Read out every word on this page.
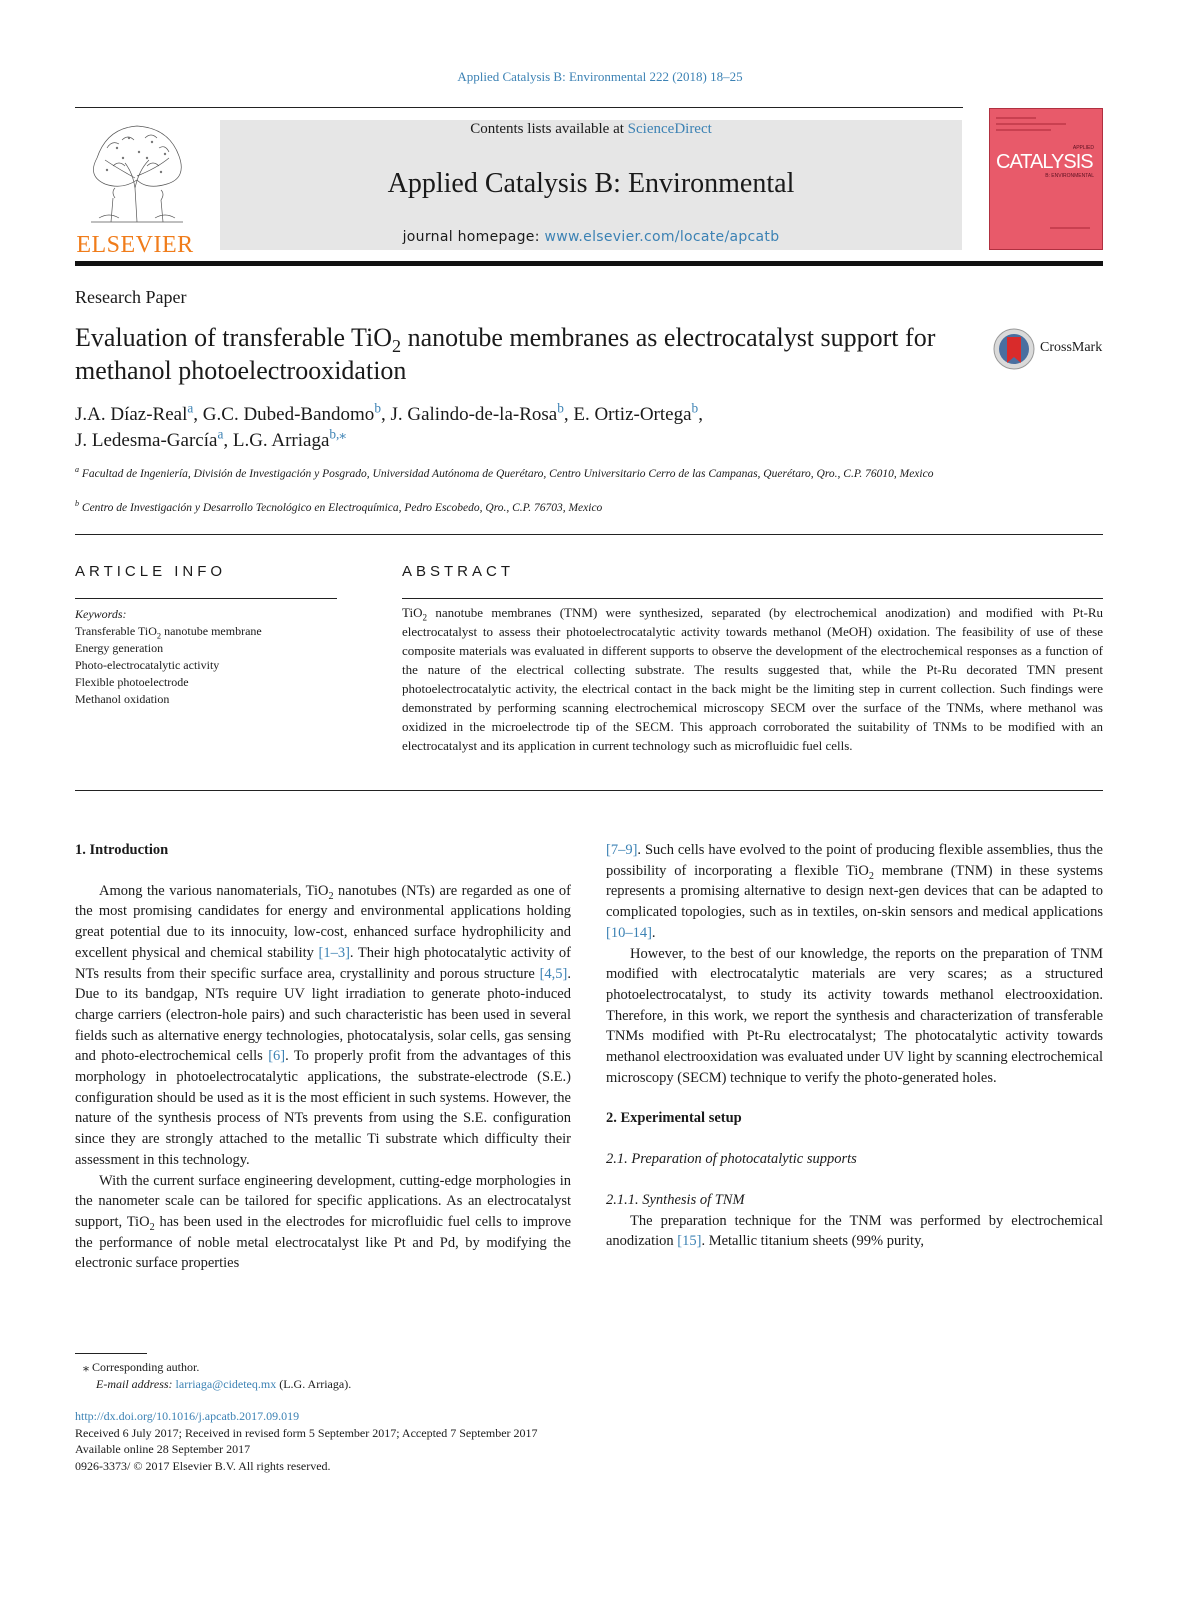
Applied Catalysis B: Environmental 222 (2018) 18–25
ELSEVIER
Contents lists available at ScienceDirect
Applied Catalysis B: Environmental
journal homepage: www.elsevier.com/locate/apcatb
APPLIED
CATALYSIS
B: ENVIRONMENTAL
Research Paper
Evaluation of transferable TiO$_2$ nanotube membranes as electrocatalyst support for methanol photoelectrooxidation
CrossMark
J.A. Díaz-Real$^a$, G.C. Dubed-Bandomo$^b$, J. Galindo-de-la-Rosa$^b$, E. Ortiz-Ortega$^b$,
J. Ledesma-García$^a$, L.G. Arriaga$^{b,⁎}$
$^a$ Facultad de Ingeniería, División de Investigación y Posgrado, Universidad Autónoma de Querétaro, Centro Universitario Cerro de las Campanas, Querétaro, Qro., C.P. 76010, Mexico
$^b$ Centro de Investigación y Desarrollo Tecnológico en Electroquímica, Pedro Escobedo, Qro., C.P. 76703, Mexico
ARTICLE INFO	ABSTRACT
Keywords:
Transferable TiO$_2$ nanotube membrane
Energy generation
Photo-electrocatalytic activity
Flexible photoelectrode
Methanol oxidation
TiO$_2$ nanotube membranes (TNM) were synthesized, separated (by electrochemical anodization) and modified with Pt-Ru electrocatalyst to assess their photoelectrocatalytic activity towards methanol (MeOH) oxidation. The feasibility of use of these composite materials was evaluated in different supports to observe the development of the electrochemical responses as a function of the nature of the electrical collecting substrate. The results suggested that, while the Pt-Ru decorated TMN present photoelectrocatalytic activity, the electrical contact in the back might be the limiting step in current collection. Such findings were demonstrated by performing scanning electrochemical microscopy SECM over the surface of the TNMs, where methanol was oxidized in the microelectrode tip of the SECM. This approach corroborated the suitability of TNMs to be modified with an electrocatalyst and its application in current technology such as microfluidic fuel cells.
1. Introduction

Among the various nanomaterials, TiO$_2$ nanotubes (NTs) are regarded as one of the most promising candidates for energy and environmental applications holding great potential due to its innocuity, low-cost, enhanced surface hydrophilicity and excellent physical and chemical stability [1–3]. Their high photocatalytic activity of NTs results from their specific surface area, crystallinity and porous structure [4,5]. Due to its bandgap, NTs require UV light irradiation to generate photo-induced charge carriers (electron-hole pairs) and such characteristic has been used in several fields such as alternative energy technologies, photocatalysis, solar cells, gas sensing and photo-electrochemical cells [6]. To properly profit from the advantages of this morphology in photoelectrocatalytic applications, the substrate-electrode (S.E.) configuration should be used as it is the most efficient in such systems. However, the nature of the synthesis process of NTs prevents from using the S.E. configuration since they are strongly attached to the metallic Ti substrate which difficulty their assessment in this technology.

With the current surface engineering development, cutting-edge morphologies in the nanometer scale can be tailored for specific applications. As an electrocatalyst support, TiO$_2$ has been used in the electrodes for microfluidic fuel cells to improve the performance of noble metal electrocatalyst like Pt and Pd, by modifying the electronic surface properties

[7–9]. Such cells have evolved to the point of producing flexible assemblies, thus the possibility of incorporating a flexible TiO$_2$ membrane (TNM) in these systems represents a promising alternative to design next-gen devices that can be adapted to complicated topologies, such as in textiles, on-skin sensors and medical applications [10–14].

However, to the best of our knowledge, the reports on the preparation of TNM modified with electrocatalytic materials are very scares; as a structured photoelectrocatalyst, to study its activity towards methanol electrooxidation. Therefore, in this work, we report the synthesis and characterization of transferable TNMs modified with Pt-Ru electrocatalyst; The photocatalytic activity towards methanol electrooxidation was evaluated under UV light by scanning electrochemical microscopy (SECM) technique to verify the photo-generated holes.

2. Experimental setup
2.1. Preparation of photocatalytic supports
2.1.1. Synthesis of TNM

The preparation technique for the TNM was performed by electrochemical anodization [15]. Metallic titanium sheets (99% purity,

⁎ Corresponding author.
E-mail address: larriaga@cideteq.mx (L.G. Arriaga).
http://dx.doi.org/10.1016/j.apcatb.2017.09.019
Received 6 July 2017; Received in revised form 5 September 2017; Accepted 7 September 2017
Available online 28 September 2017
0926-3373/ © 2017 Elsevier B.V. All rights reserved.
